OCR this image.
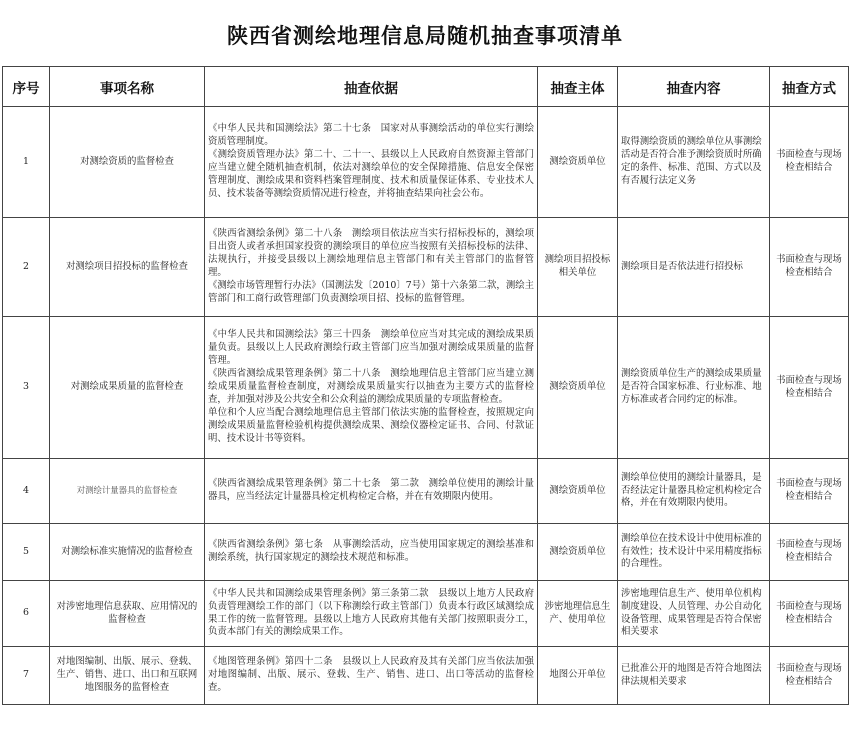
陕西省测绘地理信息局随机抽查事项清单
序号	事项名称	抽查依据	抽查主体	抽查内容	抽查方式
1	对测绘资质的监督检查	《中华人民共和国测绘法》第二十七条　国家对从事测绘活动的单位实行测绘资质管理制度。
《测绘资质管理办法》第二十、二十一、县级以上人民政府自然资源主管部门应当建立健全随机抽查机制，依法对测绘单位的安全保障措施、信息安全保密管理制度、测绘成果和资料档案管理制度、技术和质量保证体系、专业技术人员、技术装备等测绘资质情况进行检查，并将抽查结果向社会公布。	测绘资质单位	取得测绘资质的测绘单位从事测绘活动是否符合准予测绘资质时所确定的条件、标准、范围、方式以及有否履行法定义务	书面检查与现场检查相结合
2	对测绘项目招投标的监督检查	《陕西省测绘条例》第二十八条　测绘项目依法应当实行招标投标的，测绘项目出资人或者承担国家投资的测绘项目的单位应当按照有关招标投标的法律、法规执行，并接受县级以上测绘地理信息主管部门和有关主管部门的监督管理。
《测绘市场管理暂行办法》（国测法发〔2010〕7号）第十六条第二款，测绘主管部门和工商行政管理部门负责测绘项目招、投标的监督管理。	测绘项目招投标相关单位	测绘项目是否依法进行招投标	书面检查与现场检查相结合
3	对测绘成果质量的监督检查	《中华人民共和国测绘法》第三十四条　测绘单位应当对其完成的测绘成果质量负责。县级以上人民政府测绘行政主管部门应当加强对测绘成果质量的监督管理。
《陕西省测绘成果管理条例》第二十八条　测绘地理信息主管部门应当建立测绘成果质量监督检查制度，对测绘成果质量实行以抽查为主要方式的监督检查，并加强对涉及公共安全和公众利益的测绘成果质量的专项监督检查。
单位和个人应当配合测绘地理信息主管部门依法实施的监督检查，按照规定向测绘成果质量监督检验机构提供测绘成果、测绘仪器检定证书、合同、付款证明、技术设计书等资料。	测绘资质单位	测绘资质单位生产的测绘成果质量是否符合国家标准、行业标准、地方标准或者合同约定的标准。	书面检查与现场检查相结合
4	对测绘计量器具的监督检查	《陕西省测绘成果管理条例》第二十七条　第二款　测绘单位使用的测绘计量器具，应当经法定计量器具检定机构检定合格，并在有效期限内使用。	测绘资质单位	测绘单位使用的测绘计量器具，是否经法定计量器具检定机构检定合格，并在有效期限内使用。	书面检查与现场检查相结合
5	对测绘标准实施情况的监督检查	《陕西省测绘条例》第七条　从事测绘活动，应当使用国家规定的测绘基准和测绘系统，执行国家规定的测绘技术规范和标准。	测绘资质单位	测绘单位在技术设计中使用标准的有效性；技术设计中采用精度指标的合理性。	书面检查与现场检查相结合
6	对涉密地理信息获取、应用情况的监督检查	《中华人民共和国测绘成果管理条例》第三条第二款　县级以上地方人民政府负责管理测绘工作的部门（以下称测绘行政主管部门）负责本行政区域测绘成果工作的统一监督管理。县级以上地方人民政府其他有关部门按照职责分工，负责本部门有关的测绘成果工作。	涉密地理信息生产、使用单位	涉密地理信息生产、使用单位机构制度建设、人员管理、办公自动化设备管理、成果管理是否符合保密相关要求	书面检查与现场检查相结合
7	对地图编制、出版、展示、登载、生产、销售、进口、出口和互联网地图服务的监督检查	《地图管理条例》第四十二条　县级以上人民政府及其有关部门应当依法加强对地图编制、出版、展示、登载、生产、销售、进口、出口等活动的监督检查。	地图公开单位	已批准公开的地图是否符合地图法律法规相关要求	书面检查与现场检查相结合
